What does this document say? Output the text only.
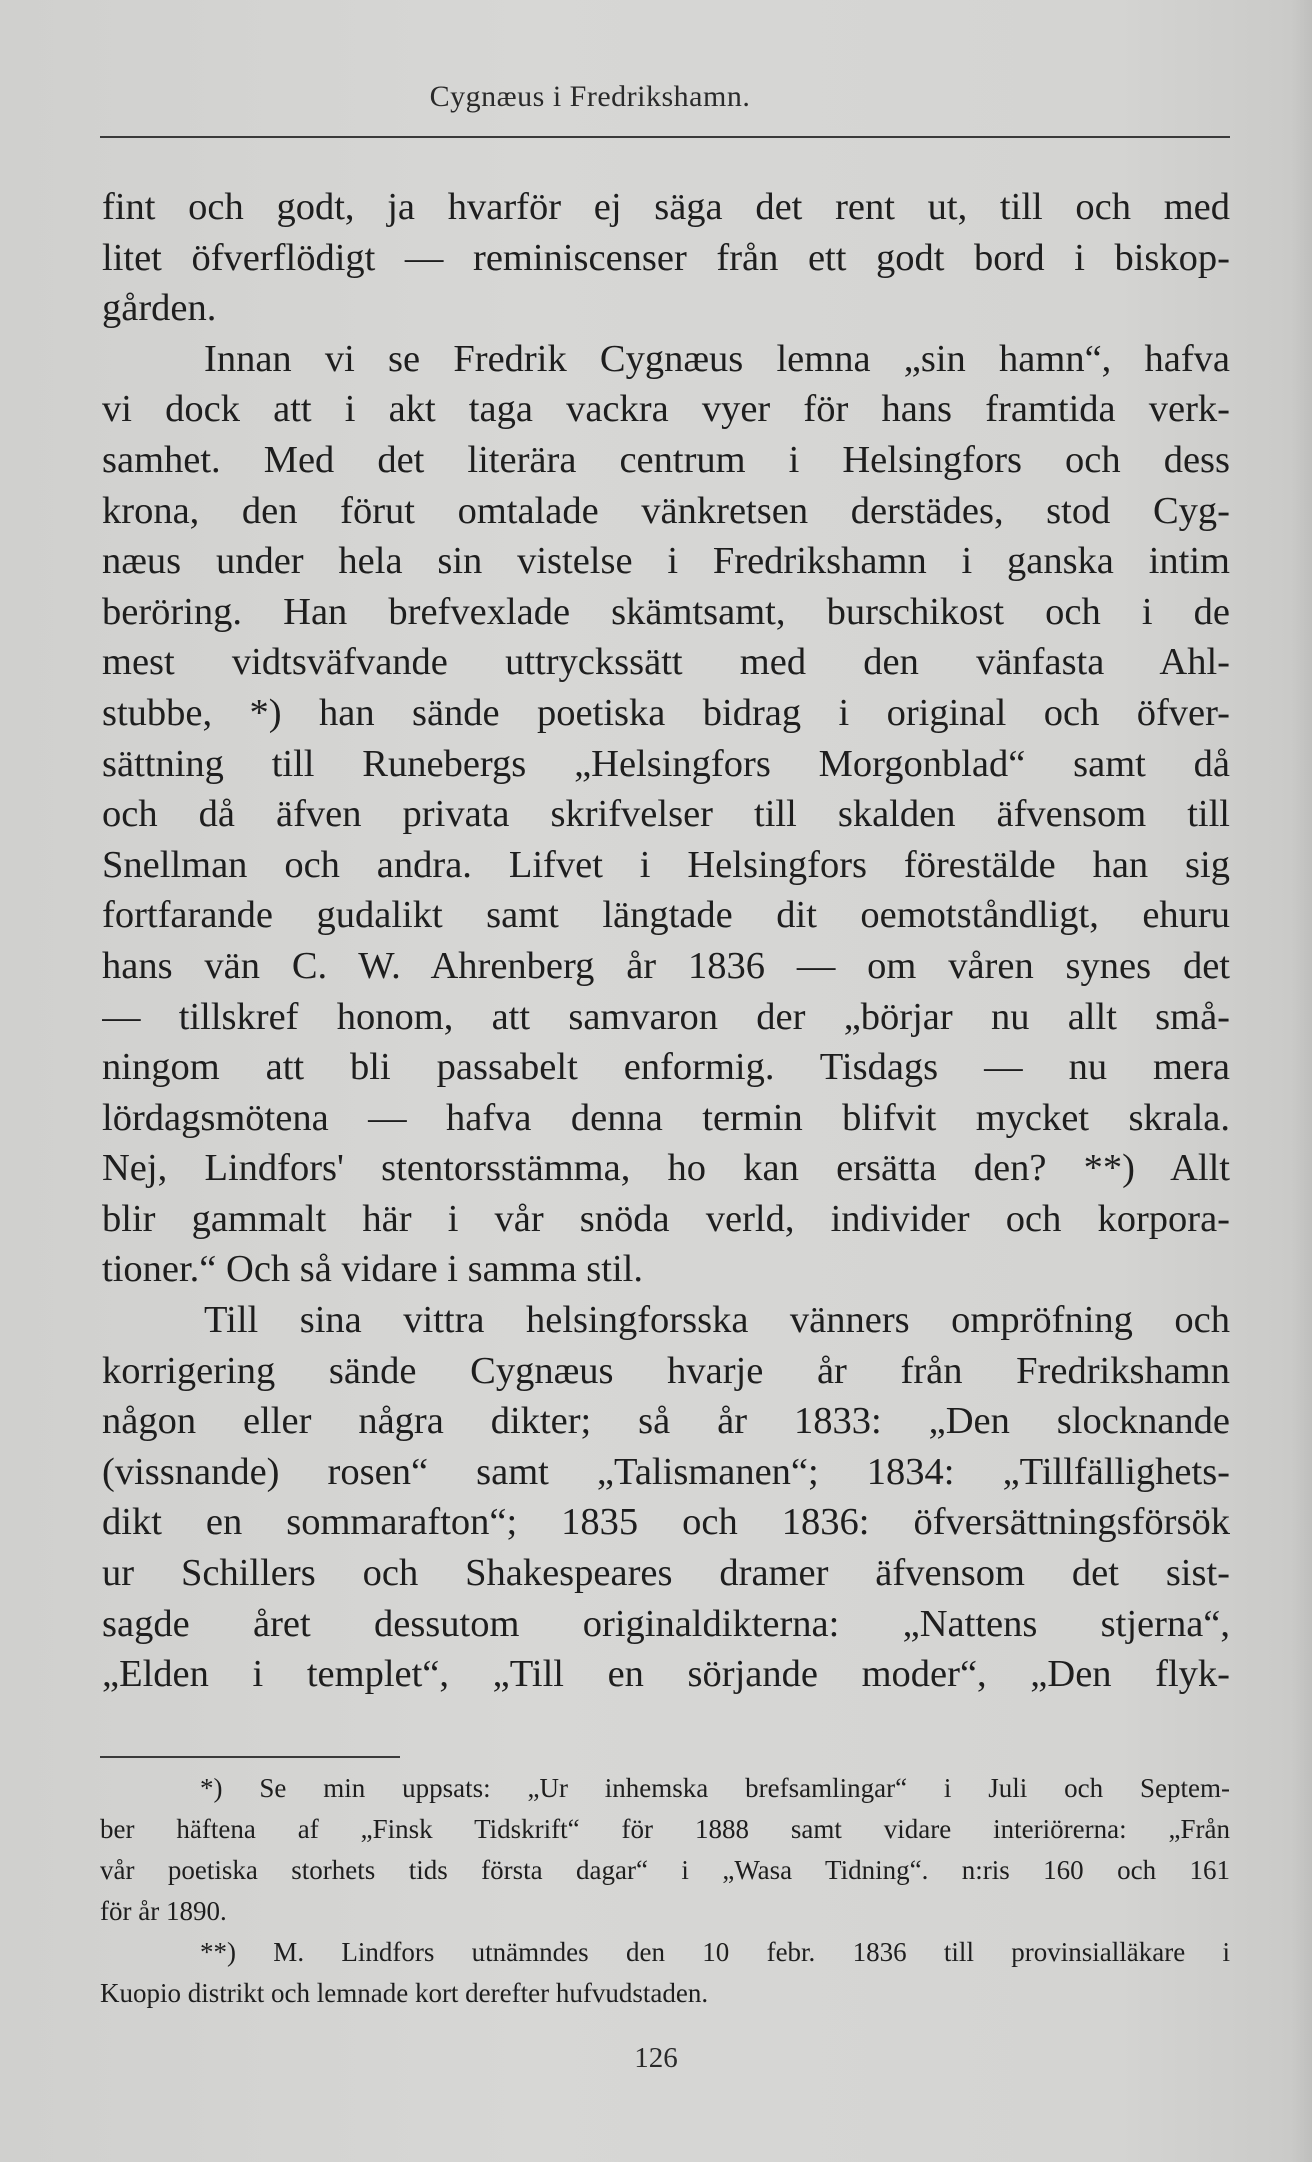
Cygnæus i Fredrikshamn.
fint och godt, ja hvarför ej säga det rent ut, till och med
litet öfverflödigt — reminiscenser från ett godt bord i biskop-
gården.
Innan vi se Fredrik Cygnæus lemna „sin hamn“, hafva
vi dock att i akt taga vackra vyer för hans framtida verk-
samhet. Med det literära centrum i Helsingfors och dess
krona, den förut omtalade vänkretsen derstädes, stod Cyg-
næus under hela sin vistelse i Fredrikshamn i ganska intim
beröring. Han brefvexlade skämtsamt, burschikost och i de
mest vidtsväfvande uttryckssätt med den vänfasta Ahl-
stubbe, *) han sände poetiska bidrag i original och öfver-
sättning till Runebergs „Helsingfors Morgonblad“ samt då
och då äfven privata skrifvelser till skalden äfvensom till
Snellman och andra. Lifvet i Helsingfors förestälde han sig
fortfarande gudalikt samt längtade dit oemotståndligt, ehuru
hans vän C. W. Ahrenberg år 1836 — om våren synes det
— tillskref honom, att samvaron der „börjar nu allt små-
ningom att bli passabelt enformig. Tisdags — nu mera
lördagsmötena — hafva denna termin blifvit mycket skrala.
Nej, Lindfors' stentorsstämma, ho kan ersätta den? **) Allt
blir gammalt här i vår snöda verld, individer och korpora-
tioner.“ Och så vidare i samma stil.
Till sina vittra helsingforsska vänners ompröfning och
korrigering sände Cygnæus hvarje år från Fredrikshamn
någon eller några dikter; så år 1833: „Den slocknande
(vissnande) rosen“ samt „Talismanen“; 1834: „Tillfällighets-
dikt en sommarafton“; 1835 och 1836: öfversättningsförsök
ur Schillers och Shakespeares dramer äfvensom det sist-
sagde året dessutom originaldikterna: „Nattens stjerna“,
„Elden i templet“, „Till en sörjande moder“, „Den flyk-
*) Se min uppsats: „Ur inhemska brefsamlingar“ i Juli och Septem-
ber häftena af „Finsk Tidskrift“ för 1888 samt vidare interiörerna: „Från
vår poetiska storhets tids första dagar“ i „Wasa Tidning“. n:ris 160 och 161
för år 1890.
**) M. Lindfors utnämndes den 10 febr. 1836 till provinsialläkare i
Kuopio distrikt och lemnade kort derefter hufvudstaden.
126
